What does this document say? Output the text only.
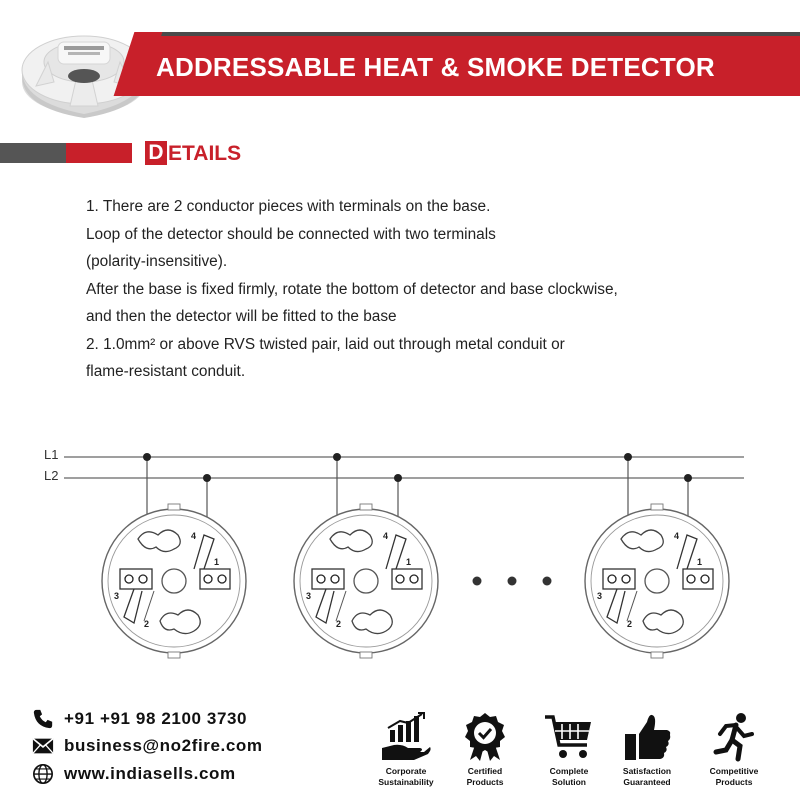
ADDRESSABLE HEAT & SMOKE DETECTOR
D ETAILS
1. There are 2 conductor pieces with terminals on the base.
Loop of the detector should be connected with two terminals
(polarity-insensitive).
After the base is fixed firmly, rotate the bottom of detector and base clockwise,
and then the detector will be fitted to the base
2. 1.0mm² or above RVS twisted pair, laid out through metal conduit or
flame-resistant conduit.
L1
L2
4
1
3
2
4
1
3
2
4
1
3
2
+91 +91 98 2100 3730
business@no2fire.com
www.indiasells.com	Corporate
Sustainability
Certified
Products
Complete
Solution
Satisfaction
Guaranteed
Competitive
Products
